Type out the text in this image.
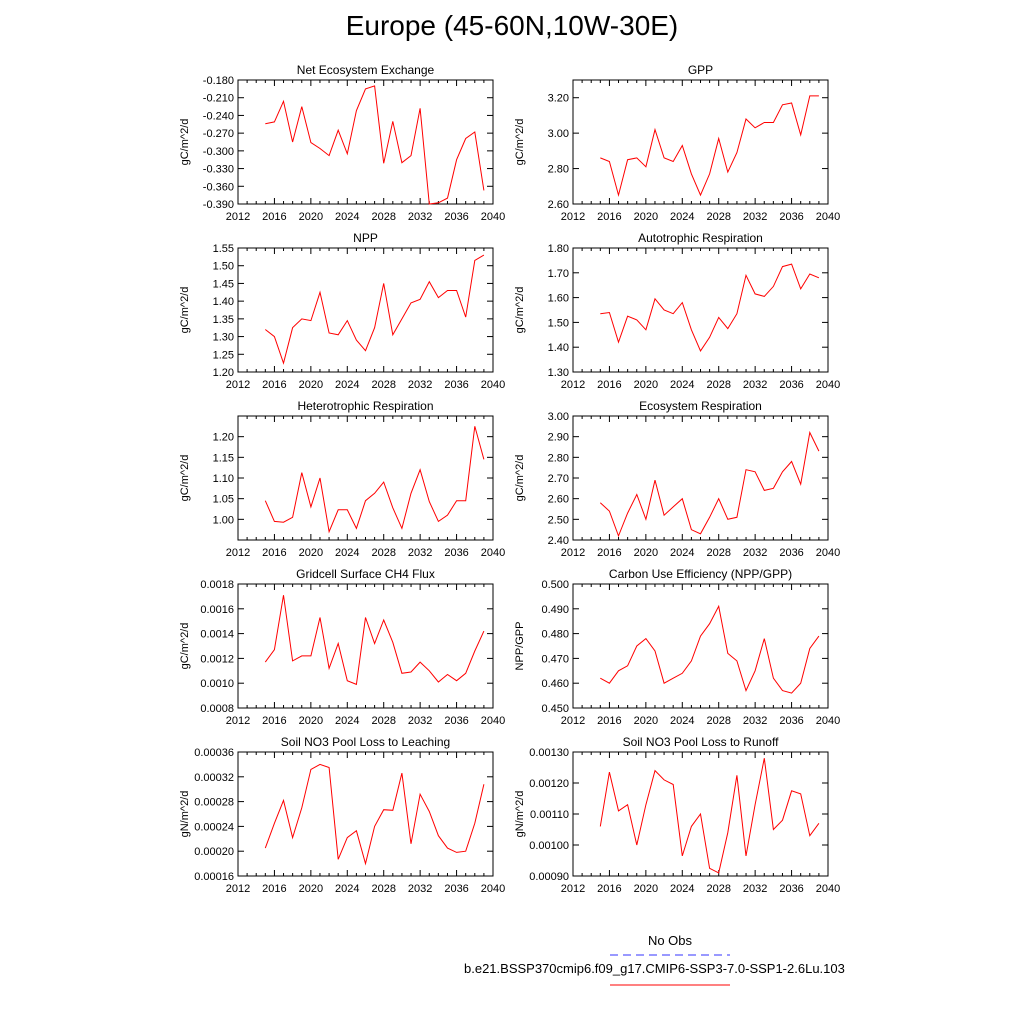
Europe (45-60N,10W-30E)
Net Ecosystem Exchange
2012 2016 2020 2024 2028 2032 2036 2040
-0.180
-0.210
-0.240
-0.270
-0.300
-0.330
-0.360
-0.390
gC/m^2/d
GPP
2012 2016 2020 2024 2028 2032 2036 2040
3.20
3.00
2.80
2.60
gC/m^2/d
NPP
2012 2016 2020 2024 2028 2032 2036 2040
1.55
1.50
1.45
1.40
1.35
1.30
1.25
1.20
gC/m^2/d
Autotrophic Respiration
2012 2016 2020 2024 2028 2032 2036 2040
1.80
1.70
1.60
1.50
1.40
1.30
gC/m^2/d
Heterotrophic Respiration
2012 2016 2020 2024 2028 2032 2036 2040
1.20
1.15
1.10
1.05
1.00
gC/m^2/d
Ecosystem Respiration
2012 2016 2020 2024 2028 2032 2036 2040
3.00
2.90
2.80
2.70
2.60
2.50
2.40
gC/m^2/d
Gridcell Surface CH4 Flux
2012 2016 2020 2024 2028 2032 2036 2040
0.0018
0.0016
0.0014
0.0012
0.0010
0.0008
gC/m^2/d
Carbon Use Efficiency (NPP/GPP)
2012 2016 2020 2024 2028 2032 2036 2040
0.500
0.490
0.480
0.470
0.460
0.450
NPP/GPP
Soil NO3 Pool Loss to Leaching
2012 2016 2020 2024 2028 2032 2036 2040
0.00036
0.00032
0.00028
0.00024
0.00020
0.00016
gN/m^2/d
Soil NO3 Pool Loss to Runoff
2012 2016 2020 2024 2028 2032 2036 2040
0.00130
0.00120
0.00110
0.00100
0.00090
gN/m^2/d
No Obs
b.e21.BSSP370cmip6.f09_g17.CMIP6-SSP3-7.0-SSP1-2.6Lu.103
